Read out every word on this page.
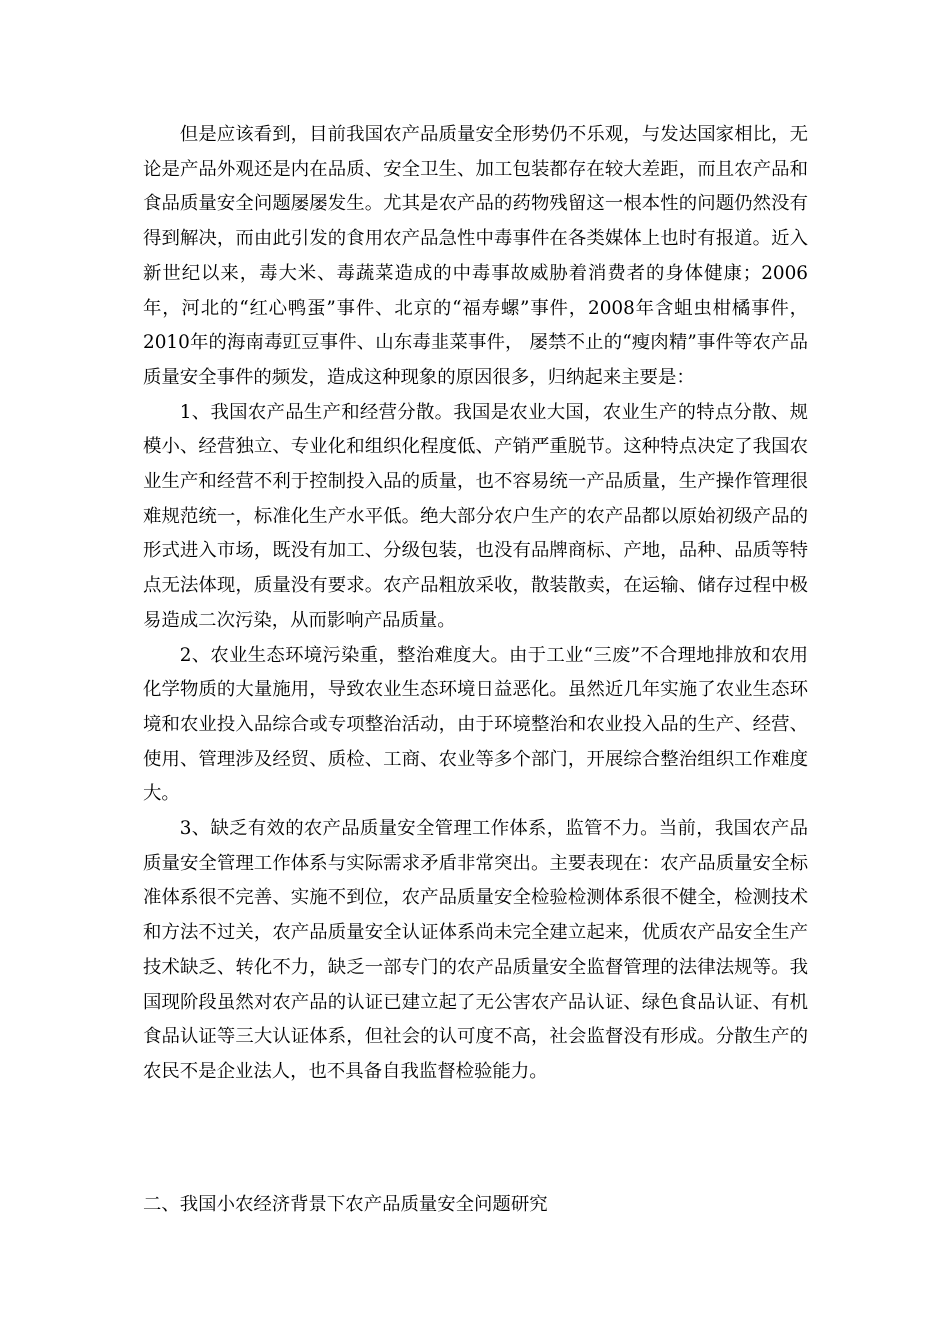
但是应该看到，目前我国农产品质量安全形势仍不乐观，与发达国家相比，无论是产品外观还是内在品质、安全卫生、加工包装都存在较大差距，而且农产品和食品质量安全问题屡屡发生。尤其是农产品的药物残留这一根本性的问题仍然没有得到解决，而由此引发的食用农产品急性中毒事件在各类媒体上也时有报道。近入新世纪以来，毒大米、毒蔬菜造成的中毒事故威胁着消费者的身体健康；2006年，河北的“红心鸭蛋”事件、北京的“福寿螺”事件，2008年含蛆虫柑橘事件，2010年的海南毒豇豆事件、山东毒韭菜事件， 屡禁不止的“瘦肉精”事件等农产品质量安全事件的频发，造成这种现象的原因很多，归纳起来主要是：

1、我国农产品生产和经营分散。我国是农业大国，农业生产的特点分散、规模小、经营独立、专业化和组织化程度低、产销严重脱节。这种特点决定了我国农业生产和经营不利于控制投入品的质量，也不容易统一产品质量，生产操作管理很难规范统一，标准化生产水平低。绝大部分农户生产的农产品都以原始初级产品的形式进入市场，既没有加工、分级包装，也没有品牌商标、产地，品种、品质等特点无法体现，质量没有要求。农产品粗放采收，散装散卖，在运输、储存过程中极易造成二次污染，从而影响产品质量。

2、农业生态环境污染重，整治难度大。由于工业“三废”不合理地排放和农用化学物质的大量施用，导致农业生态环境日益恶化。虽然近几年实施了农业生态环境和农业投入品综合或专项整治活动，由于环境整治和农业投入品的生产、经营、使用、管理涉及经贸、质检、工商、农业等多个部门，开展综合整治组织工作难度大。

3、缺乏有效的农产品质量安全管理工作体系，监管不力。当前，我国农产品质量安全管理工作体系与实际需求矛盾非常突出。主要表现在：农产品质量安全标准体系很不完善、实施不到位，农产品质量安全检验检测体系很不健全，检测技术和方法不过关，农产品质量安全认证体系尚未完全建立起来，优质农产品安全生产技术缺乏、转化不力，缺乏一部专门的农产品质量安全监督管理的法律法规等。我国现阶段虽然对农产品的认证已建立起了无公害农产品认证、绿色食品认证、有机食品认证等三大认证体系，但社会的认可度不高，社会监督没有形成。分散生产的农民不是企业法人，也不具备自我监督检验能力。

二、我国小农经济背景下农产品质量安全问题研究
